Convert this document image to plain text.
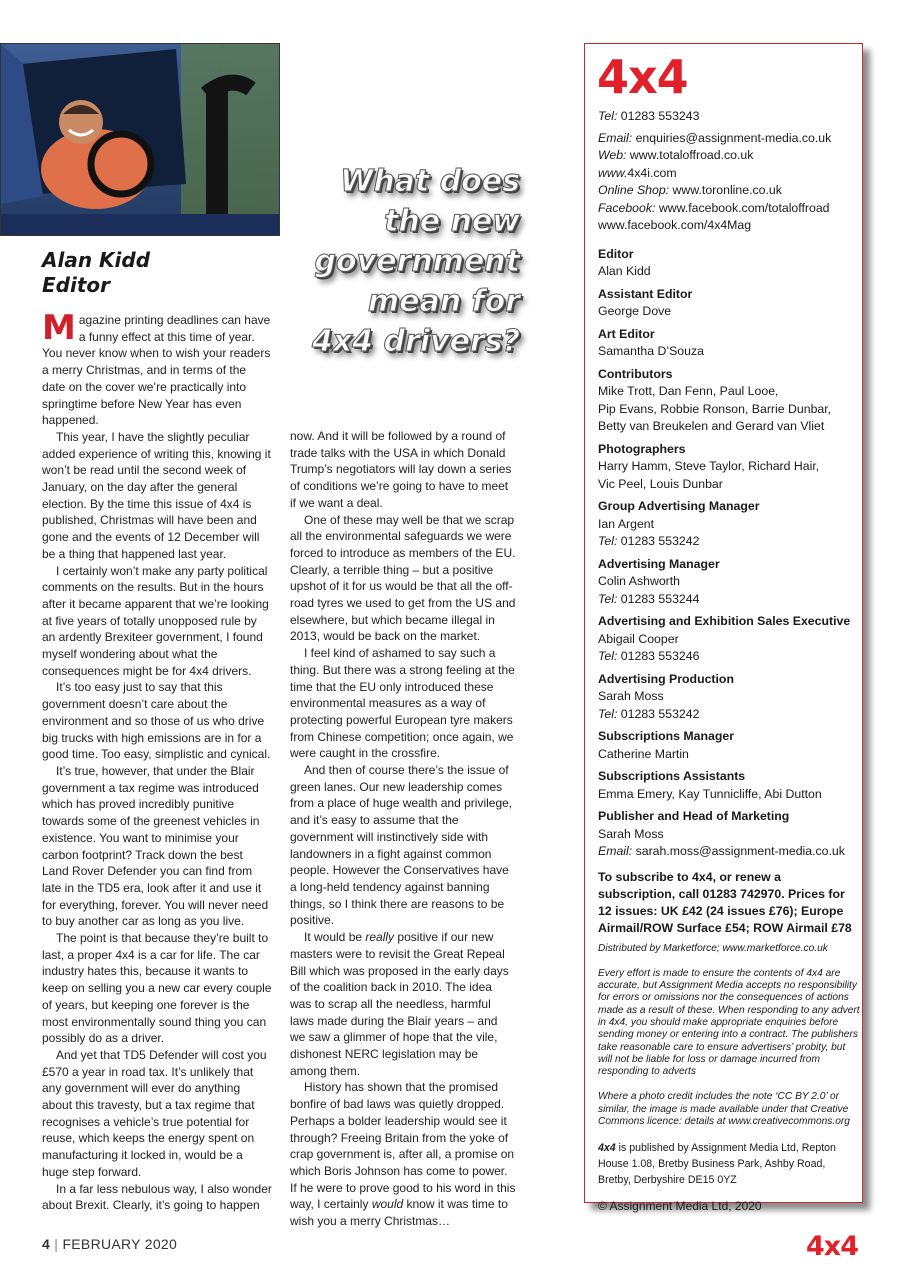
Alan Kidd
Editor
What does
the new
government
mean for
4x4 drivers?

Magazine printing deadlines can have a funny effect at this time of year. You never know when to wish your readers a merry Christmas, and in terms of the date on the cover we’re practically into springtime before New Year has even happened.

This year, I have the slightly peculiar added experience of writing this, knowing it won’t be read until the second week of January, on the day after the general election. By the time this issue of 4x4 is published, Christmas will have been and gone and the events of 12 December will be a thing that happened last year.

I certainly won’t make any party political comments on the results. But in the hours after it became apparent that we’re looking at five years of totally unopposed rule by an ardently Brexiteer government, I found myself wondering about what the consequences might be for 4x4 drivers.

It’s too easy just to say that this government doesn’t care about the environment and so those of us who drive big trucks with high emissions are in for a good time. Too easy, simplistic and cynical.

It’s true, however, that under the Blair government a tax regime was introduced which has proved incredibly punitive towards some of the greenest vehicles in existence. You want to minimise your carbon footprint? Track down the best Land Rover Defender you can find from late in the TD5 era, look after it and use it for everything, forever. You will never need to buy another car as long as you live.

The point is that because they’re built to last, a proper 4x4 is a car for life. The car industry hates this, because it wants to keep on selling you a new car every couple of years, but keeping one forever is the most environmentally sound thing you can possibly do as a driver.

And yet that TD5 Defender will cost you £570 a year in road tax. It’s unlikely that any government will ever do anything about this travesty, but a tax regime that recognises a vehicle’s true potential for reuse, which keeps the energy spent on manufacturing it locked in, would be a huge step forward.

In a far less nebulous way, I also wonder about Brexit. Clearly, it’s going to happen

now. And it will be followed by a round of trade talks with the USA in which Donald Trump’s negotiators will lay down a series of conditions we’re going to have to meet if we want a deal.

One of these may well be that we scrap all the environmental safeguards we were forced to introduce as members of the EU. Clearly, a terrible thing – but a positive upshot of it for us would be that all the off-road tyres we used to get from the US and elsewhere, but which became illegal in 2013, would be back on the market.

I feel kind of ashamed to say such a thing. But there was a strong feeling at the time that the EU only introduced these environmental measures as a way of protecting powerful European tyre makers from Chinese competition; once again, we were caught in the crossfire.

And then of course there’s the issue of green lanes. Our new leadership comes from a place of huge wealth and privilege, and it’s easy to assume that the government will instinctively side with landowners in a fight against common people. However the Conservatives have a long-held tendency against banning things, so I think there are reasons to be positive.

It would be really positive if our new masters were to revisit the Great Repeal Bill which was proposed in the early days of the coalition back in 2010. The idea was to scrap all the needless, harmful laws made during the Blair years – and we saw a glimmer of hope that the vile, dishonest NERC legislation may be among them.

History has shown that the promised bonfire of bad laws was quietly dropped. Perhaps a bolder leadership would see it through? Freeing Britain from the yoke of crap government is, after all, a promise on which Boris Johnson has come to power. If he were to prove good to his word in this way, I certainly would know it was time to wish you a merry Christmas…

4x4
Tel: 01283 553243
Email: enquiries@assignment-media.co.uk
Web: www.totaloffroad.co.uk
www.4x4i.com
Online Shop: www.toronline.co.uk
Facebook: www.facebook.com/totaloffroad
www.facebook.com/4x4Mag
Editor
Alan Kidd
Assistant Editor
George Dove
Art Editor
Samantha D’Souza
Contributors
Mike Trott, Dan Fenn, Paul Looe,
Pip Evans, Robbie Ronson, Barrie Dunbar,
Betty van Breukelen and Gerard van Vliet
Photographers
Harry Hamm, Steve Taylor, Richard Hair,
Vic Peel, Louis Dunbar
Group Advertising Manager
Ian Argent
Tel: 01283 553242
Advertising Manager
Colin Ashworth
Tel: 01283 553244
Advertising and Exhibition Sales Executive
Abigail Cooper
Tel: 01283 553246
Advertising Production
Sarah Moss
Tel: 01283 553242
Subscriptions Manager
Catherine Martin
Subscriptions Assistants
Emma Emery, Kay Tunnicliffe, Abi Dutton
Publisher and Head of Marketing
Sarah Moss
Email: sarah.moss@assignment-media.co.uk
To subscribe to 4x4, or renew a subscription, call 01283 742970. Prices for 12 issues: UK £42 (24 issues £76); Europe Airmail/ROW Surface £54; ROW Airmail £78
Distributed by Marketforce; www.marketforce.co.uk
Every effort is made to ensure the contents of 4x4 are accurate, but Assignment Media accepts no responsibility for errors or omissions nor the consequences of actions made as a result of these. When responding to any advert in 4x4, you should make appropriate enquiries before sending money or entering into a contract. The publishers take reasonable care to ensure advertisers’ probity, but will not be liable for loss or damage incurred from responding to adverts
Where a photo credit includes the note ‘CC BY 2.0’ or similar, the image is made available under that Creative Commons licence: details at www.creativecommons.org
4x4 is published by Assignment Media Ltd, Repton House 1.08, Bretby Business Park, Ashby Road, Bretby, Derbyshire DE15 0YZ
© Assignment Media Ltd, 2020
4 | FEBRUARY 2020	4x4
